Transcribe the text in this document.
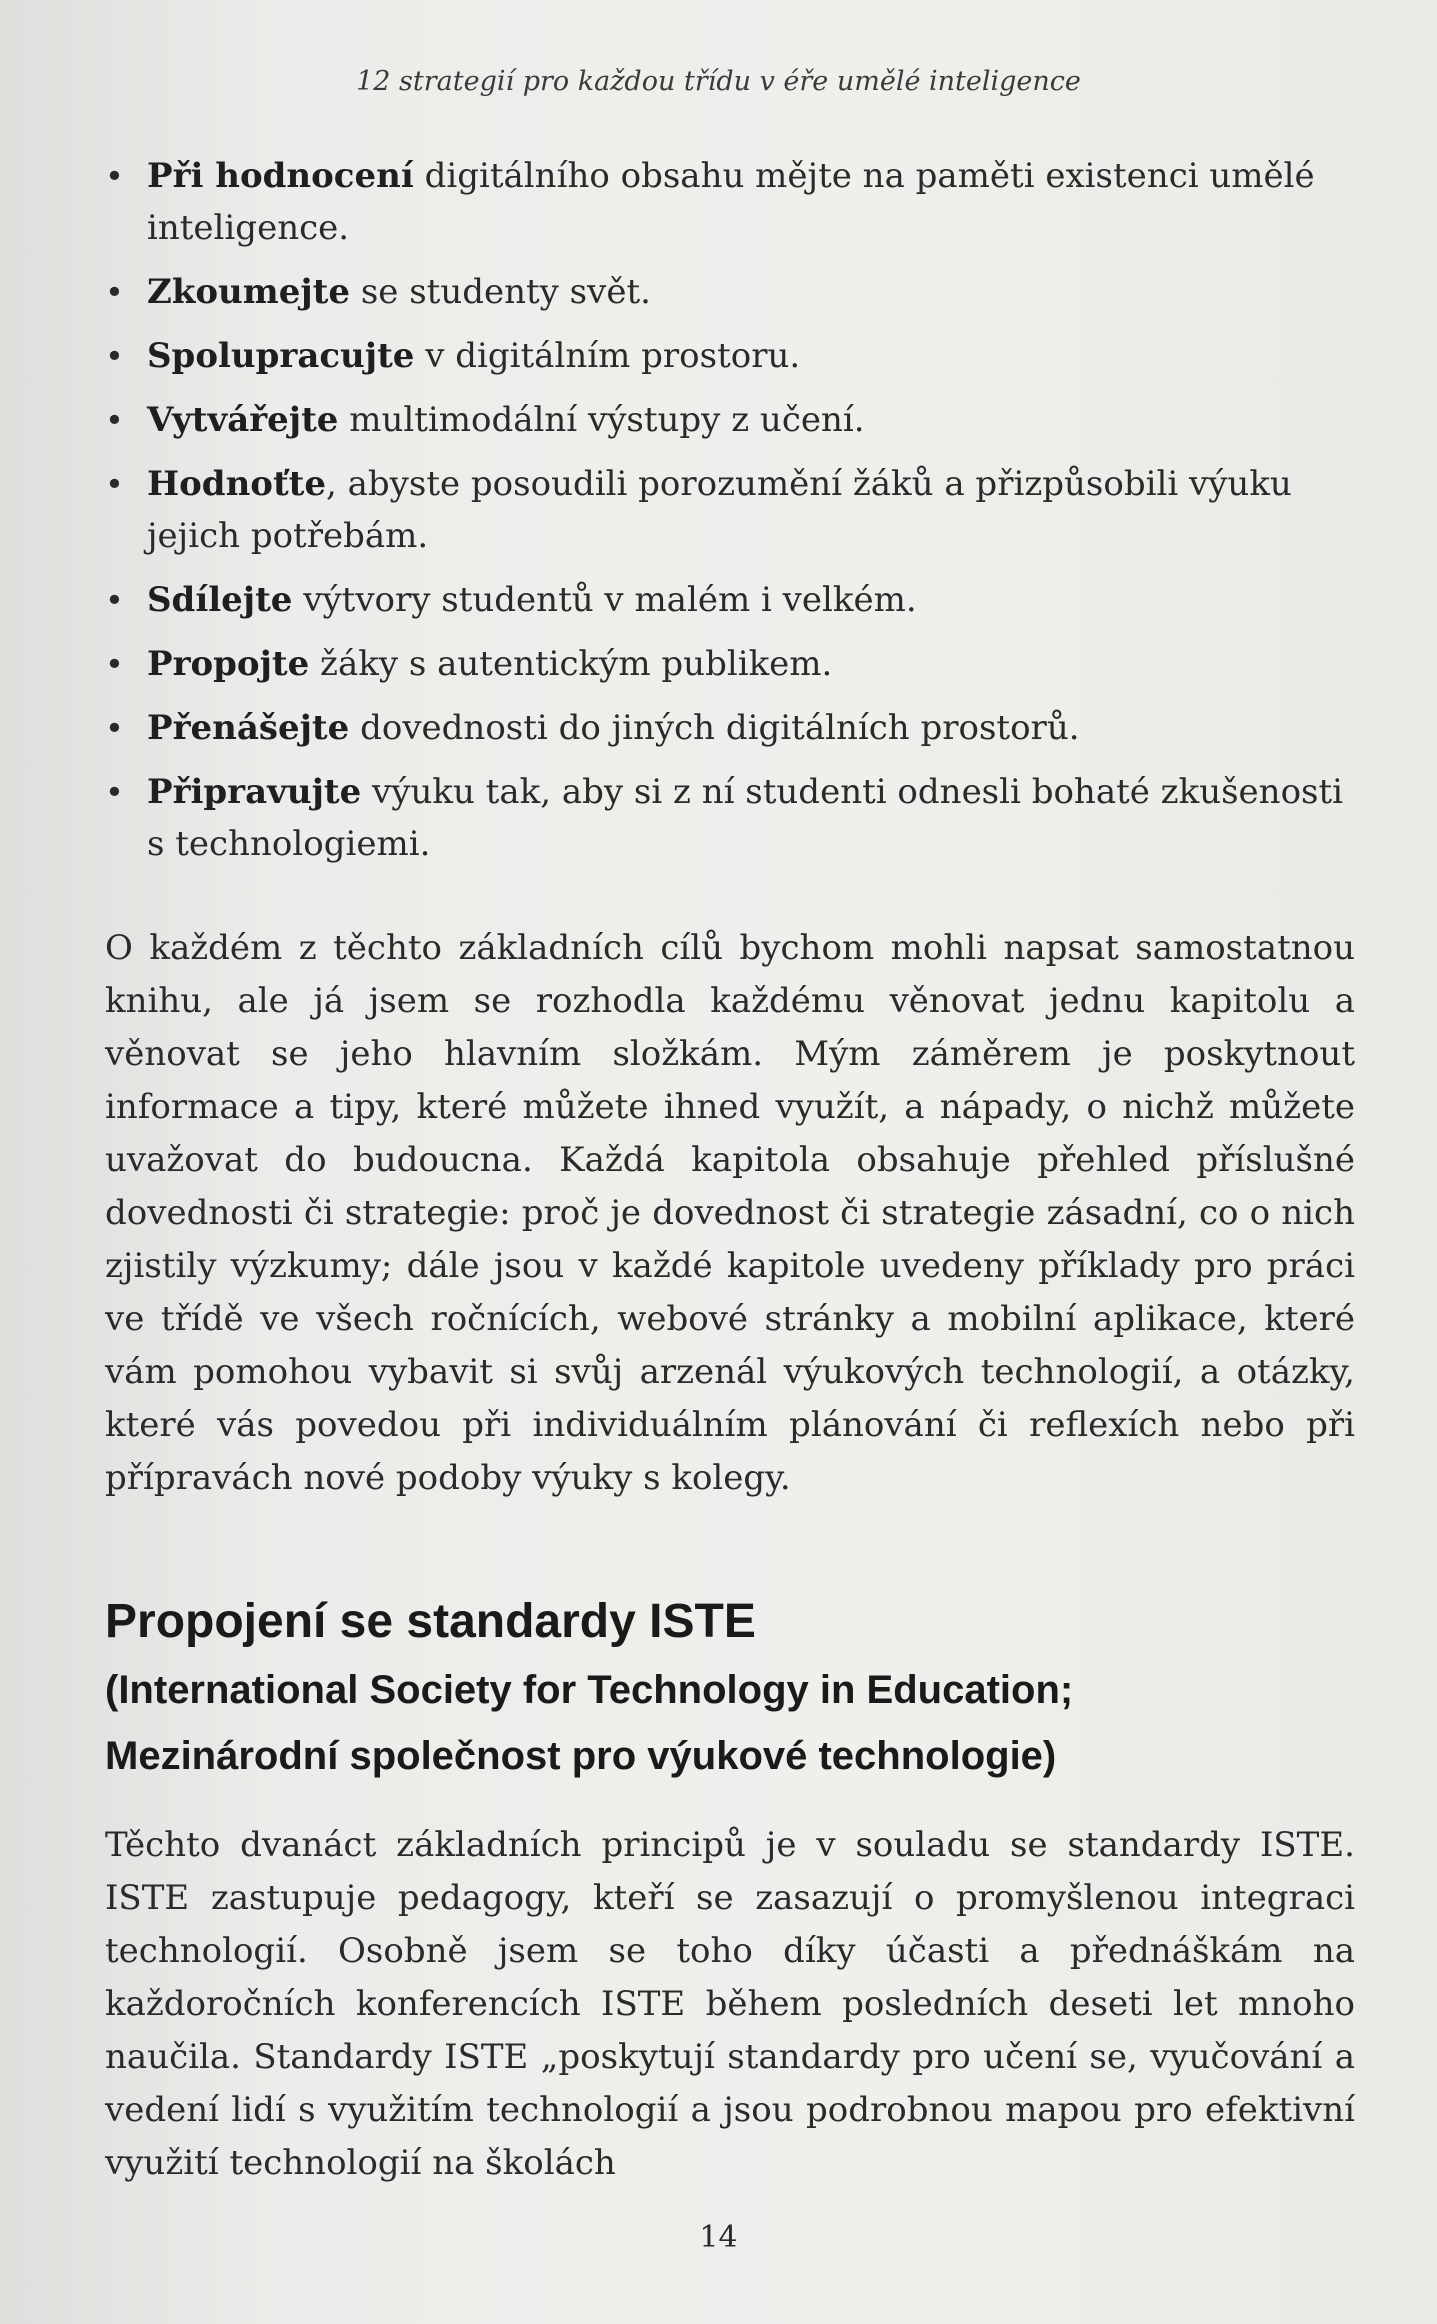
12 strategií pro každou třídu v éře umělé inteligence
• Při hodnocení digitálního obsahu mějte na paměti existenci umělé inteligence.
• Zkoumejte se studenty svět.
• Spolupracujte v digitálním prostoru.
• Vytvářejte multimodální výstupy z učení.
• Hodnoťte, abyste posoudili porozumění žáků a přizpůsobili výuku jejich potřebám.
• Sdílejte výtvory studentů v malém i velkém.
• Propojte žáky s autentickým publikem.
• Přenášejte dovednosti do jiných digitálních prostorů.
• Připravujte výuku tak, aby si z ní studenti odnesli bohaté zkušenosti s technologiemi.

O každém z těchto základních cílů bychom mohli napsat samostatnou knihu, ale já jsem se rozhodla každému věnovat jednu kapitolu a věnovat se jeho hlavním složkám. Mým záměrem je poskytnout informace a tipy, které můžete ihned využít, a nápady, o nichž můžete uvažovat do budoucna. Každá kapitola obsahuje přehled příslušné dovednosti či strategie: proč je dovednost či strategie zásadní, co o nich zjistily výzkumy; dále jsou v každé kapitole uvedeny příklady pro práci ve třídě ve všech ročnících, webové stránky a mobilní aplikace, které vám pomohou vybavit si svůj arzenál výukových technologií, a otázky, které vás povedou při individuálním plánování či reflexích nebo při přípravách nové podoby výuky s kolegy.

Propojení se standardy ISTE
(International Society for Technology in Education;
Mezinárodní společnost pro výukové technologie)

Těchto dvanáct základních principů je v souladu se standardy ISTE. ISTE zastupuje pedagogy, kteří se zasazují o promyšlenou integraci technologií. Osobně jsem se toho díky účasti a přednáškám na každoročních konferencích ISTE během posledních deseti let mnoho naučila. Standardy ISTE „poskytují standardy pro učení se, vyučování a vedení lidí s využitím technologií a jsou podrobnou mapou pro efektivní využití technologií na školách

14
